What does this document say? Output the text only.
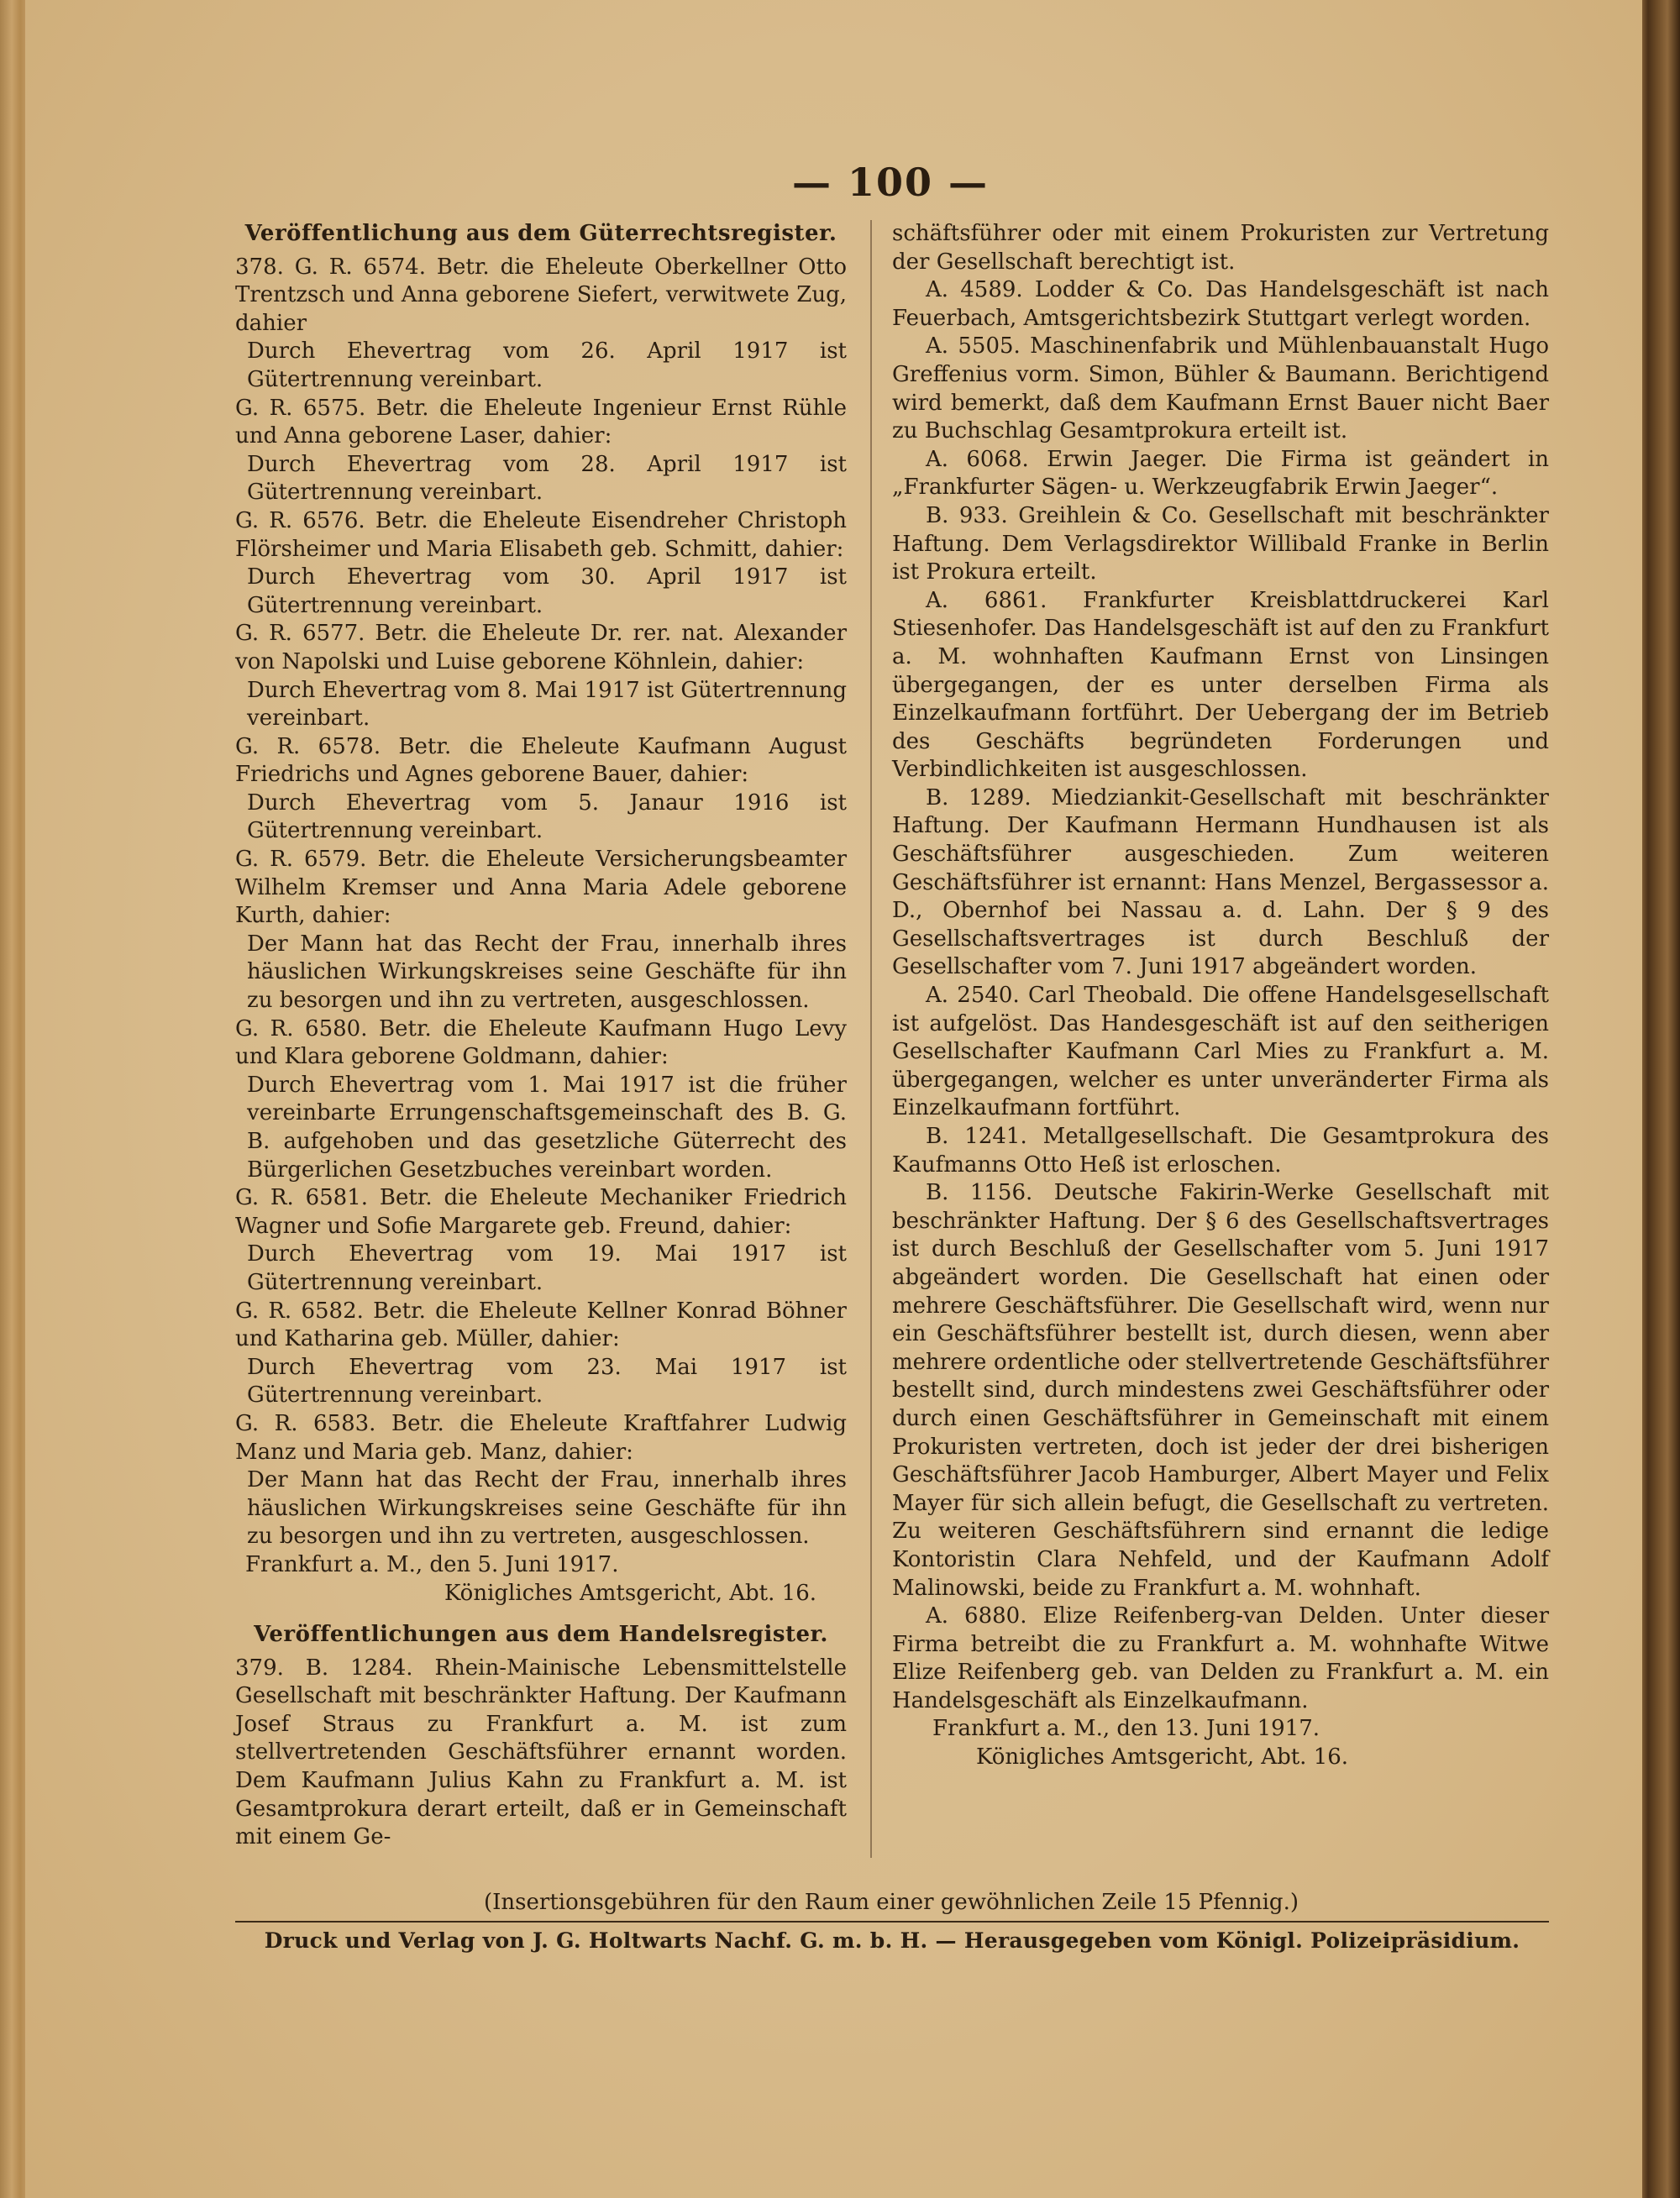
— 100 —

Veröffentlichung aus dem Güterrechtsregister.

378. G. R. 6574. Betr. die Eheleute Oberkellner Otto Trentzsch und Anna geborene Siefert, verwitwete Zug, dahier

Durch Ehevertrag vom 26. April 1917 ist Gütertrennung vereinbart.

G. R. 6575. Betr. die Eheleute Ingenieur Ernst Rühle und Anna geborene Laser, dahier:

Durch Ehevertrag vom 28. April 1917 ist Gütertrennung vereinbart.

G. R. 6576. Betr. die Eheleute Eisendreher Christoph Flörsheimer und Maria Elisabeth geb. Schmitt, dahier:

Durch Ehevertrag vom 30. April 1917 ist Gütertrennung vereinbart.

G. R. 6577. Betr. die Eheleute Dr. rer. nat. Alexander von Napolski und Luise geborene Köhnlein, dahier:

Durch Ehevertrag vom 8. Mai 1917 ist Gütertrennung vereinbart.

G. R. 6578. Betr. die Eheleute Kaufmann August Friedrichs und Agnes geborene Bauer, dahier:

Durch Ehevertrag vom 5. Janaur 1916 ist Gütertrennung vereinbart.

G. R. 6579. Betr. die Eheleute Versicherungsbeamter Wilhelm Kremser und Anna Maria Adele geborene Kurth, dahier:

Der Mann hat das Recht der Frau, innerhalb ihres häuslichen Wirkungskreises seine Geschäfte für ihn zu besorgen und ihn zu vertreten, ausgeschlossen.

G. R. 6580. Betr. die Eheleute Kaufmann Hugo Levy und Klara geborene Goldmann, dahier:

Durch Ehevertrag vom 1. Mai 1917 ist die früher vereinbarte Errungenschaftsgemeinschaft des B. G. B. aufgehoben und das gesetzliche Güterrecht des Bürgerlichen Gesetzbuches vereinbart worden.

G. R. 6581. Betr. die Eheleute Mechaniker Friedrich Wagner und Sofie Margarete geb. Freund, dahier:

Durch Ehevertrag vom 19. Mai 1917 ist Gütertrennung vereinbart.

G. R. 6582. Betr. die Eheleute Kellner Konrad Böhner und Katharina geb. Müller, dahier:

Durch Ehevertrag vom 23. Mai 1917 ist Gütertrennung vereinbart.

G. R. 6583. Betr. die Eheleute Kraftfahrer Ludwig Manz und Maria geb. Manz, dahier:

Der Mann hat das Recht der Frau, innerhalb ihres häuslichen Wirkungskreises seine Geschäfte für ihn zu besorgen und ihn zu vertreten, ausgeschlossen.

Frankfurt a. M., den 5. Juni 1917.

Königliches Amtsgericht, Abt. 16.

Veröffentlichungen aus dem Handelsregister.

379. B. 1284. Rhein-Mainische Lebensmittelstelle Gesellschaft mit beschränkter Haftung. Der Kaufmann Josef Straus zu Frankfurt a. M. ist zum stellvertretenden Geschäftsführer ernannt worden. Dem Kaufmann Julius Kahn zu Frankfurt a. M. ist Gesamtprokura derart erteilt, daß er in Gemeinschaft mit einem Ge-

schäftsführer oder mit einem Prokuristen zur Vertretung der Gesellschaft berechtigt ist.

A. 4589. Lodder & Co. Das Handelsgeschäft ist nach Feuerbach, Amtsgerichtsbezirk Stuttgart verlegt worden.

A. 5505. Maschinenfabrik und Mühlenbauanstalt Hugo Greffenius vorm. Simon, Bühler & Baumann. Berichtigend wird bemerkt, daß dem Kaufmann Ernst Bauer nicht Baer zu Buchschlag Gesamtprokura erteilt ist.

A. 6068. Erwin Jaeger. Die Firma ist geändert in „Frankfurter Sägen- u. Werkzeugfabrik Erwin Jaeger“.

B. 933. Greihlein & Co. Gesellschaft mit beschränkter Haftung. Dem Verlagsdirektor Willibald Franke in Berlin ist Prokura erteilt.

A. 6861. Frankfurter Kreisblattdruckerei Karl Stiesenhofer. Das Handelsgeschäft ist auf den zu Frankfurt a. M. wohnhaften Kaufmann Ernst von Linsingen übergegangen, der es unter derselben Firma als Einzelkaufmann fortführt. Der Uebergang der im Betrieb des Geschäfts begründeten Forderungen und Verbindlichkeiten ist ausgeschlossen.

B. 1289. Miedziankit-Gesellschaft mit beschränkter Haftung. Der Kaufmann Hermann Hundhausen ist als Geschäftsführer ausgeschieden. Zum weiteren Geschäftsführer ist ernannt: Hans Menzel, Bergassessor a. D., Obernhof bei Nassau a. d. Lahn. Der § 9 des Gesellschaftsvertrages ist durch Beschluß der Gesellschafter vom 7. Juni 1917 abgeändert worden.

A. 2540. Carl Theobald. Die offene Handelsgesellschaft ist aufgelöst. Das Handesgeschäft ist auf den seitherigen Gesellschafter Kaufmann Carl Mies zu Frankfurt a. M. übergegangen, welcher es unter unveränderter Firma als Einzelkaufmann fortführt.

B. 1241. Metallgesellschaft. Die Gesamtprokura des Kaufmanns Otto Heß ist erloschen.

B. 1156. Deutsche Fakirin-Werke Gesellschaft mit beschränkter Haftung. Der § 6 des Gesellschaftsvertrages ist durch Beschluß der Gesellschafter vom 5. Juni 1917 abgeändert worden. Die Gesellschaft hat einen oder mehrere Geschäftsführer. Die Gesellschaft wird, wenn nur ein Geschäftsführer bestellt ist, durch diesen, wenn aber mehrere ordentliche oder stellvertretende Geschäftsführer bestellt sind, durch mindestens zwei Geschäftsführer oder durch einen Geschäftsführer in Gemeinschaft mit einem Prokuristen vertreten, doch ist jeder der drei bisherigen Geschäftsführer Jacob Hamburger, Albert Mayer und Felix Mayer für sich allein befugt, die Gesellschaft zu vertreten. Zu weiteren Geschäftsführern sind ernannt die ledige Kontoristin Clara Nehfeld, und der Kaufmann Adolf Malinowski, beide zu Frankfurt a. M. wohnhaft.

A. 6880. Elize Reifenberg-van Delden. Unter dieser Firma betreibt die zu Frankfurt a. M. wohnhafte Witwe Elize Reifenberg geb. van Delden zu Frankfurt a. M. ein Handelsgeschäft als Einzelkaufmann.

Frankfurt a. M., den 13. Juni 1917.

Königliches Amtsgericht, Abt. 16.

(Insertionsgebühren für den Raum einer gewöhnlichen Zeile 15 Pfennig.)
Druck und Verlag von J. G. Holtwarts Nachf. G. m. b. H. — Herausgegeben vom Königl. Polizeipräsidium.
